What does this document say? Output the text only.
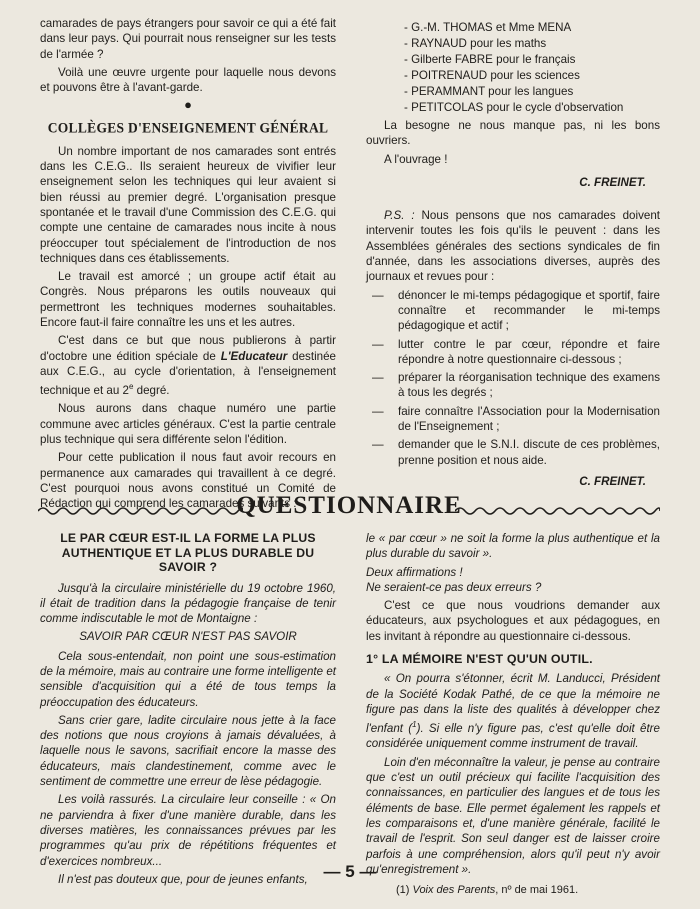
camarades de pays étrangers pour savoir ce qui a été fait dans leur pays. Qui pourrait nous renseigner sur les tests de l'armée ?

Voilà une œuvre urgente pour laquelle nous devons et pouvons être à l'avant-garde.

●
COLLÈGES D'ENSEIGNEMENT GÉNÉRAL

Un nombre important de nos camarades sont entrés dans les C.E.G.. Ils seraient heureux de vivifier leur enseignement selon les techniques qui leur avaient si bien réussi au premier degré. L'organisation presque spontanée et le travail d'une Commission des C.E.G. qui compte une centaine de camarades nous incite à nous préoccuper tout spécialement de l'introduction de nos techniques dans ces établissements.

Le travail est amorcé ; un groupe actif était au Congrès. Nous préparons les outils nouveaux qui permettront les techniques modernes souhaitables. Encore faut-il faire connaître les uns et les autres.

C'est dans ce but que nous publierons à partir d'octobre une édition spéciale de L'Educateur destinée aux C.E.G., au cycle d'orientation, à l'enseignement technique et au 2e degré.

Nous aurons dans chaque numéro une partie commune avec articles généraux. C'est la partie centrale plus technique qui sera différente selon l'édition.

Pour cette publication il nous faut avoir recours en permanence aux camarades qui travaillent à ce degré. C'est pourquoi nous avons constitué un Comité de Rédaction qui comprend les camarades suivants :

- G.-M. THOMAS et Mme MENA
- RAYNAUD pour les maths
- Gilberte FABRE pour le français
- POITRENAUD pour les sciences
- PERAMMANT pour les langues
- PETITCOLAS pour le cycle d'observation

La besogne ne nous manque pas, ni les bons ouvriers.

A l'ouvrage !

C. FREINET.

P.S. : Nous pensons que nos camarades doivent intervenir toutes les fois qu'ils le peuvent : dans les Assemblées générales des sections syndicales de fin d'année, dans les associations diverses, auprès des journaux et revues pour :

— dénoncer le mi-temps pédagogique et sportif, faire connaître et recommander le mi-temps pédagogique et actif ;
— lutter contre le par cœur, répondre et faire répondre à notre questionnaire ci-dessous ;
— préparer la réorganisation technique des examens à tous les degrés ;
— faire connaître l'Association pour la Modernisation de l'Enseignement ;
— demander que le S.N.I. discute de ces problèmes, prenne position et nous aide.
C. FREINET.
QUESTIONNAIRE
LE PAR CŒUR EST-IL LA FORME LA PLUS AUTHENTIQUE ET LA PLUS DURABLE DU SAVOIR ?

Jusqu'à la circulaire ministérielle du 19 octobre 1960, il était de tradition dans la pédagogie française de tenir comme indiscutable le mot de Montaigne :

SAVOIR PAR CŒUR N'EST PAS SAVOIR

Cela sous-entendait, non point une sous-estimation de la mémoire, mais au contraire une forme intelligente et sensible d'acquisition qui a été de tous temps la préoccupation des éducateurs.

Sans crier gare, ladite circulaire nous jette à la face des notions que nous croyions à jamais dévaluées, à laquelle nous le savons, sacrifiait encore la masse des éducateurs, mais clandestinement, comme avec le sentiment de commettre une erreur de lèse pédagogie.

Les voilà rassurés. La circulaire leur conseille : « On ne parviendra à fixer d'une manière durable, dans les diverses matières, les connaissances prévues par les programmes qu'au prix de répétitions fréquentes et d'exercices nombreux...

Il n'est pas douteux que, pour de jeunes enfants,

le « par cœur » ne soit la forme la plus authentique et la plus durable du savoir ».

Deux affirmations !

Ne seraient-ce pas deux erreurs ?

C'est ce que nous voudrions demander aux éducateurs, aux psychologues et aux pédagogues, en les invitant à répondre au questionnaire ci-dessous.

1° LA MÉMOIRE N'EST QU'UN OUTIL.

« On pourra s'étonner, écrit M. Landucci, Président de la Société Kodak Pathé, de ce que la mémoire ne figure pas dans la liste des qualités à développer chez l'enfant ($^1$). Si elle n'y figure pas, c'est qu'elle doit être considérée uniquement comme instrument de travail.

Loin d'en méconnaître la valeur, je pense au contraire que c'est un outil précieux qui facilite l'acquisition des connaissances, en particulier des langues et de tous les éléments de base. Elle permet également les rappels et les comparaisons et, d'une manière générale, facilité le travail de l'esprit. Son seul danger est de laisser croire parfois à une compréhension, alors qu'il peut n'y avoir qu'enregistrement ».

(1) Voix des Parents, nº de mai 1961.

— 5 —
